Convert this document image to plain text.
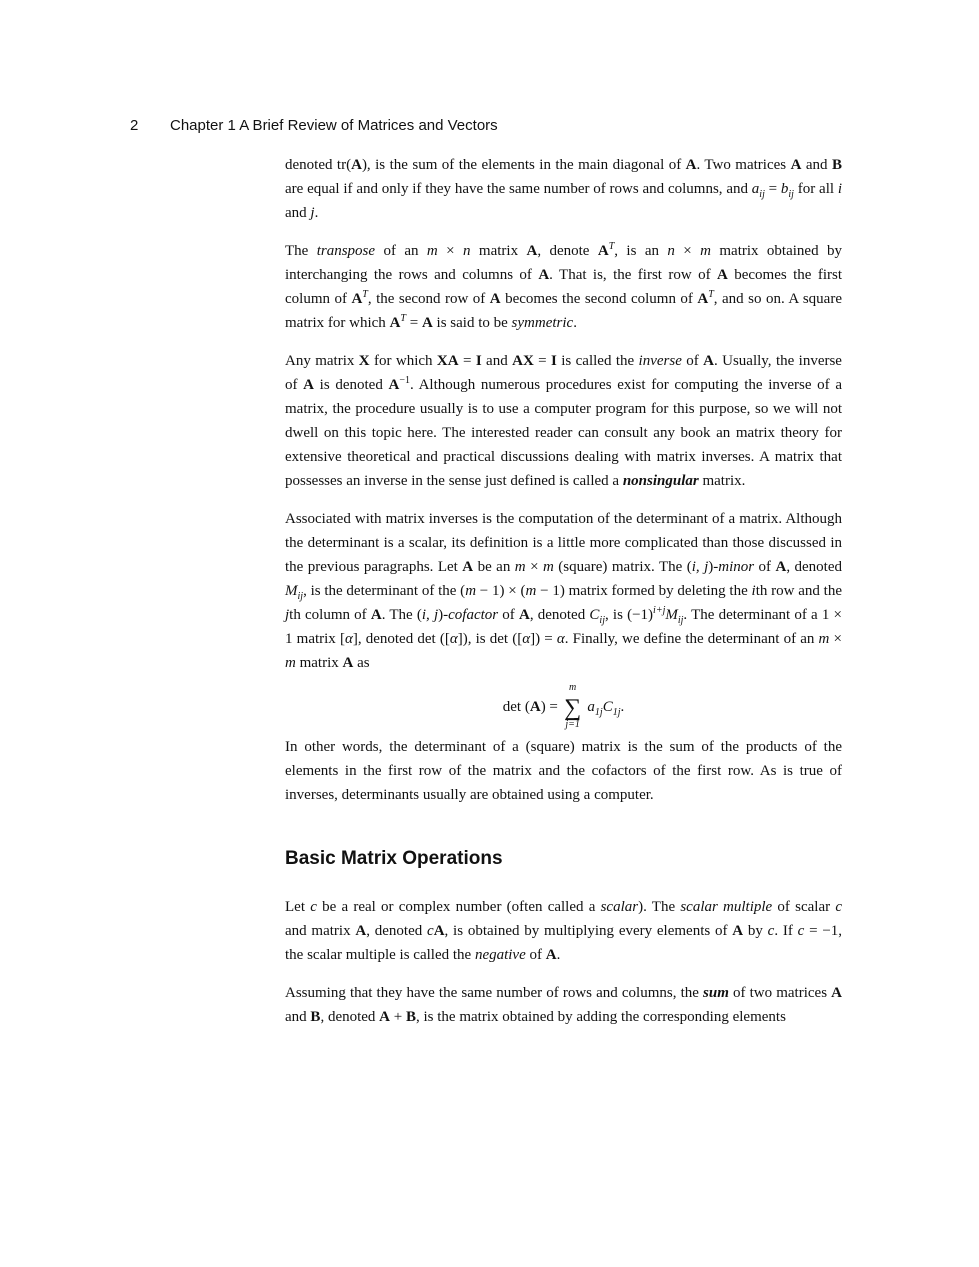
2 Chapter 1 A Brief Review of Matrices and Vectors

denoted tr(A), is the sum of the elements in the main diagonal of A. Two matrices A and B are equal if and only if they have the same number of rows and columns, and $a_{ij} = b_{ij}$ for all i and j.

The transpose of an m × n matrix A, denote $A^T$, is an n × m matrix obtained by interchanging the rows and columns of A. That is, the first row of A becomes the first column of $A^T$, the second row of A becomes the second column of $A^T$, and so on. A square matrix for which $A^T = A$ is said to be symmetric.

Any matrix X for which XA = I and AX = I is called the inverse of A. Usually, the inverse of A is denoted $A^{-1}$. Although numerous procedures exist for computing the inverse of a matrix, the procedure usually is to use a computer program for this purpose, so we will not dwell on this topic here. The interested reader can consult any book an matrix theory for extensive theoretical and practical discussions dealing with matrix inverses. A matrix that possesses an inverse in the sense just defined is called a nonsingular matrix.

Associated with matrix inverses is the computation of the determinant of a matrix. Although the determinant is a scalar, its definition is a little more complicated than those discussed in the previous paragraphs. Let A be an m × m (square) matrix. The (i, j)-minor of A, denoted $M_{ij}$, is the determinant of the (m − 1) × (m − 1) matrix formed by deleting the ith row and the jth column of A. The (i, j)-cofactor of A, denoted $C_{ij}$, is $(-1)^{i+j}M_{ij}$. The determinant of a 1 × 1 matrix [α], denoted det ([α]), is det ([α]) = α. Finally, we define the determinant of an m × m matrix A as

det (A) =
m
∑
j=1
$a_{1j}C_{1j}$.

In other words, the determinant of a (square) matrix is the sum of the products of the elements in the first row of the matrix and the cofactors of the first row. As is true of inverses, determinants usually are obtained using a computer.

Basic Matrix Operations

Let c be a real or complex number (often called a scalar). The scalar multiple of scalar c and matrix A, denoted cA, is obtained by multiplying every elements of A by c. If c = −1, the scalar multiple is called the negative of A.

Assuming that they have the same number of rows and columns, the sum of two matrices A and B, denoted A + B, is the matrix obtained by adding the corresponding elements
